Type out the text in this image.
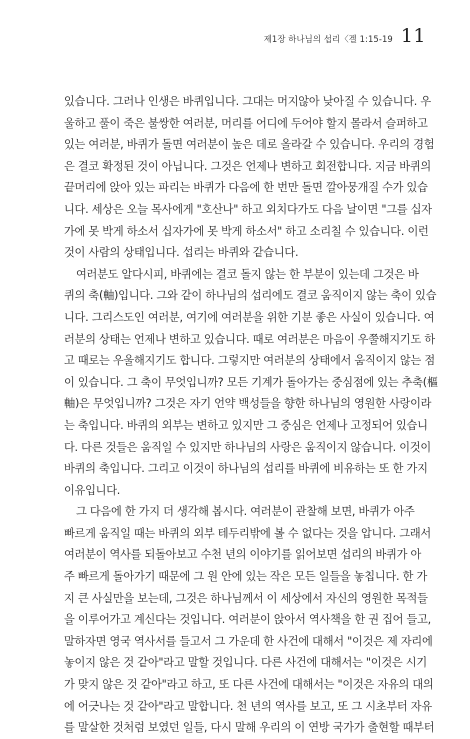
제1장 하나님의 섭리〈겔 1:15-19 11
있습니다. 그러나 인생은 바퀴입니다. 그대는 머지않아 낮아질 수 있습니다. 우
울하고 풀이 죽은 불쌍한 여러분, 머리를 어디에 두어야 할지 몰라서 슬퍼하고
있는 여러분, 바퀴가 돌면 여러분이 높은 데로 올라갈 수 있습니다. 우리의 경험
은 결코 확정된 것이 아닙니다. 그것은 언제나 변하고 회전합니다. 지금 바퀴의
끝머리에 앉아 있는 파리는 바퀴가 다음에 한 번만 돌면 깔아뭉개질 수가 있습
니다. 세상은 오늘 목사에게 "호산나" 하고 외치다가도 다음 날이면 "그를 십자
가에 못 박게 하소서 십자가에 못 박게 하소서" 하고 소리칠 수 있습니다. 이런
것이 사람의 상태입니다. 섭리는 바퀴와 같습니다.
여러분도 알다시피, 바퀴에는 결코 돌지 않는 한 부분이 있는데 그것은 바
퀴의 축(軸)입니다. 그와 같이 하나님의 섭리에도 결코 움직이지 않는 축이 있습
니다. 그리스도인 여러분, 여기에 여러분을 위한 기분 좋은 사실이 있습니다. 여
러분의 상태는 언제나 변하고 있습니다. 때로 여러분은 마음이 우쭐해지기도 하
고 때로는 우울해지기도 합니다. 그렇지만 여러분의 상태에서 움직이지 않는 점
이 있습니다. 그 축이 무엇입니까? 모든 기계가 돌아가는 중심점에 있는 추축(樞
軸)은 무엇입니까? 그것은 자기 언약 백성들을 향한 하나님의 영원한 사랑이라
는 축입니다. 바퀴의 외부는 변하고 있지만 그 중심은 언제나 고정되어 있습니
다. 다른 것들은 움직일 수 있지만 하나님의 사랑은 움직이지 않습니다. 이것이
바퀴의 축입니다. 그리고 이것이 하나님의 섭리를 바퀴에 비유하는 또 한 가지
이유입니다.
그 다음에 한 가지 더 생각해 봅시다. 여러분이 관찰해 보면, 바퀴가 아주
빠르게 움직일 때는 바퀴의 외부 테두리밖에 볼 수 없다는 것을 압니다. 그래서
여러분이 역사를 되돌아보고 수천 년의 이야기를 읽어보면 섭리의 바퀴가 아
주 빠르게 돌아가기 때문에 그 원 안에 있는 작은 모든 일들을 놓칩니다. 한 가
지 큰 사실만을 보는데, 그것은 하나님께서 이 세상에서 자신의 영원한 목적들
을 이루어가고 계신다는 것입니다. 여러분이 앉아서 역사책을 한 권 집어 들고,
말하자면 영국 역사서를 들고서 그 가운데 한 사건에 대해서 "이것은 제 자리에
놓이지 않은 것 같아"라고 말할 것입니다. 다른 사건에 대해서는 "이것은 시기
가 맞지 않은 것 같아"라고 하고, 또 다른 사건에 대해서는 "이것은 자유의 대의
에 어긋나는 것 같아"라고 말합니다. 천 년의 역사를 보고, 또 그 시초부터 자유
를 말살한 것처럼 보였던 일들, 다시 말해 우리의 이 연방 국가가 출현할 때부터
